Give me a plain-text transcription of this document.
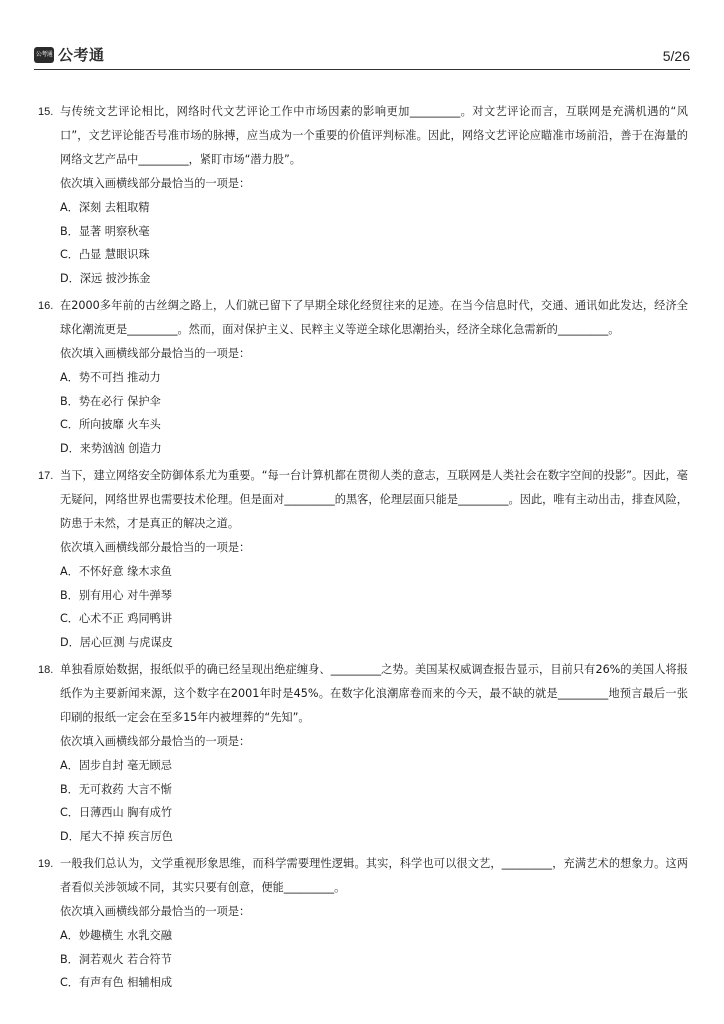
公考通 公考通	5/26
15. 与传统文艺评论相比，网络时代文艺评论工作中市场因素的影响更加_________。对文艺评论而言，互联网是充满机遇的“风口”，文艺评论能否号准市场的脉搏，应当成为一个重要的价值评判标准。因此，网络文艺评论应瞄准市场前沿，善于在海量的网络文艺产品中_________，紧盯市场“潜力股”。
依次填入画横线部分最恰当的一项是：
A．深刻 去粗取精
B．显著 明察秋毫
C．凸显 慧眼识珠
D．深远 披沙拣金
16. 在2000多年前的古丝绸之路上，人们就已留下了早期全球化经贸往来的足迹。在当今信息时代，交通、通讯如此发达，经济全球化潮流更是_________。然而，面对保护主义、民粹主义等逆全球化思潮抬头，经济全球化急需新的_________。
依次填入画横线部分最恰当的一项是：
A．势不可挡 推动力
B．势在必行 保护伞
C．所向披靡 火车头
D．来势汹汹 创造力
17. 当下，建立网络安全防御体系尤为重要。“每一台计算机都在贯彻人类的意志，互联网是人类社会在数字空间的投影”。因此，毫无疑问，网络世界也需要技术伦理。但是面对_________的黑客，伦理层面只能是_________。因此，唯有主动出击，排查风险，防患于未然，才是真正的解决之道。
依次填入画横线部分最恰当的一项是：
A．不怀好意 缘木求鱼
B．别有用心 对牛弹琴
C．心术不正 鸡同鸭讲
D．居心叵测 与虎谋皮
18. 单独看原始数据，报纸似乎的确已经呈现出绝症缠身、_________之势。美国某权威调查报告显示，目前只有26%的美国人将报纸作为主要新闻来源，这个数字在2001年时是45%。在数字化浪潮席卷而来的今天，最不缺的就是_________地预言最后一张印刷的报纸一定会在至多15年内被埋葬的“先知”。
依次填入画横线部分最恰当的一项是：
A．固步自封 毫无顾忌
B．无可救药 大言不惭
C．日薄西山 胸有成竹
D．尾大不掉 疾言厉色
19. 一般我们总认为，文学重视形象思维，而科学需要理性逻辑。其实，科学也可以很文艺，_________，充满艺术的想象力。这两者看似关涉领域不同，其实只要有创意，便能_________。
依次填入画横线部分最恰当的一项是：
A．妙趣横生 水乳交融
B．洞若观火 若合符节
C．有声有色 相辅相成
